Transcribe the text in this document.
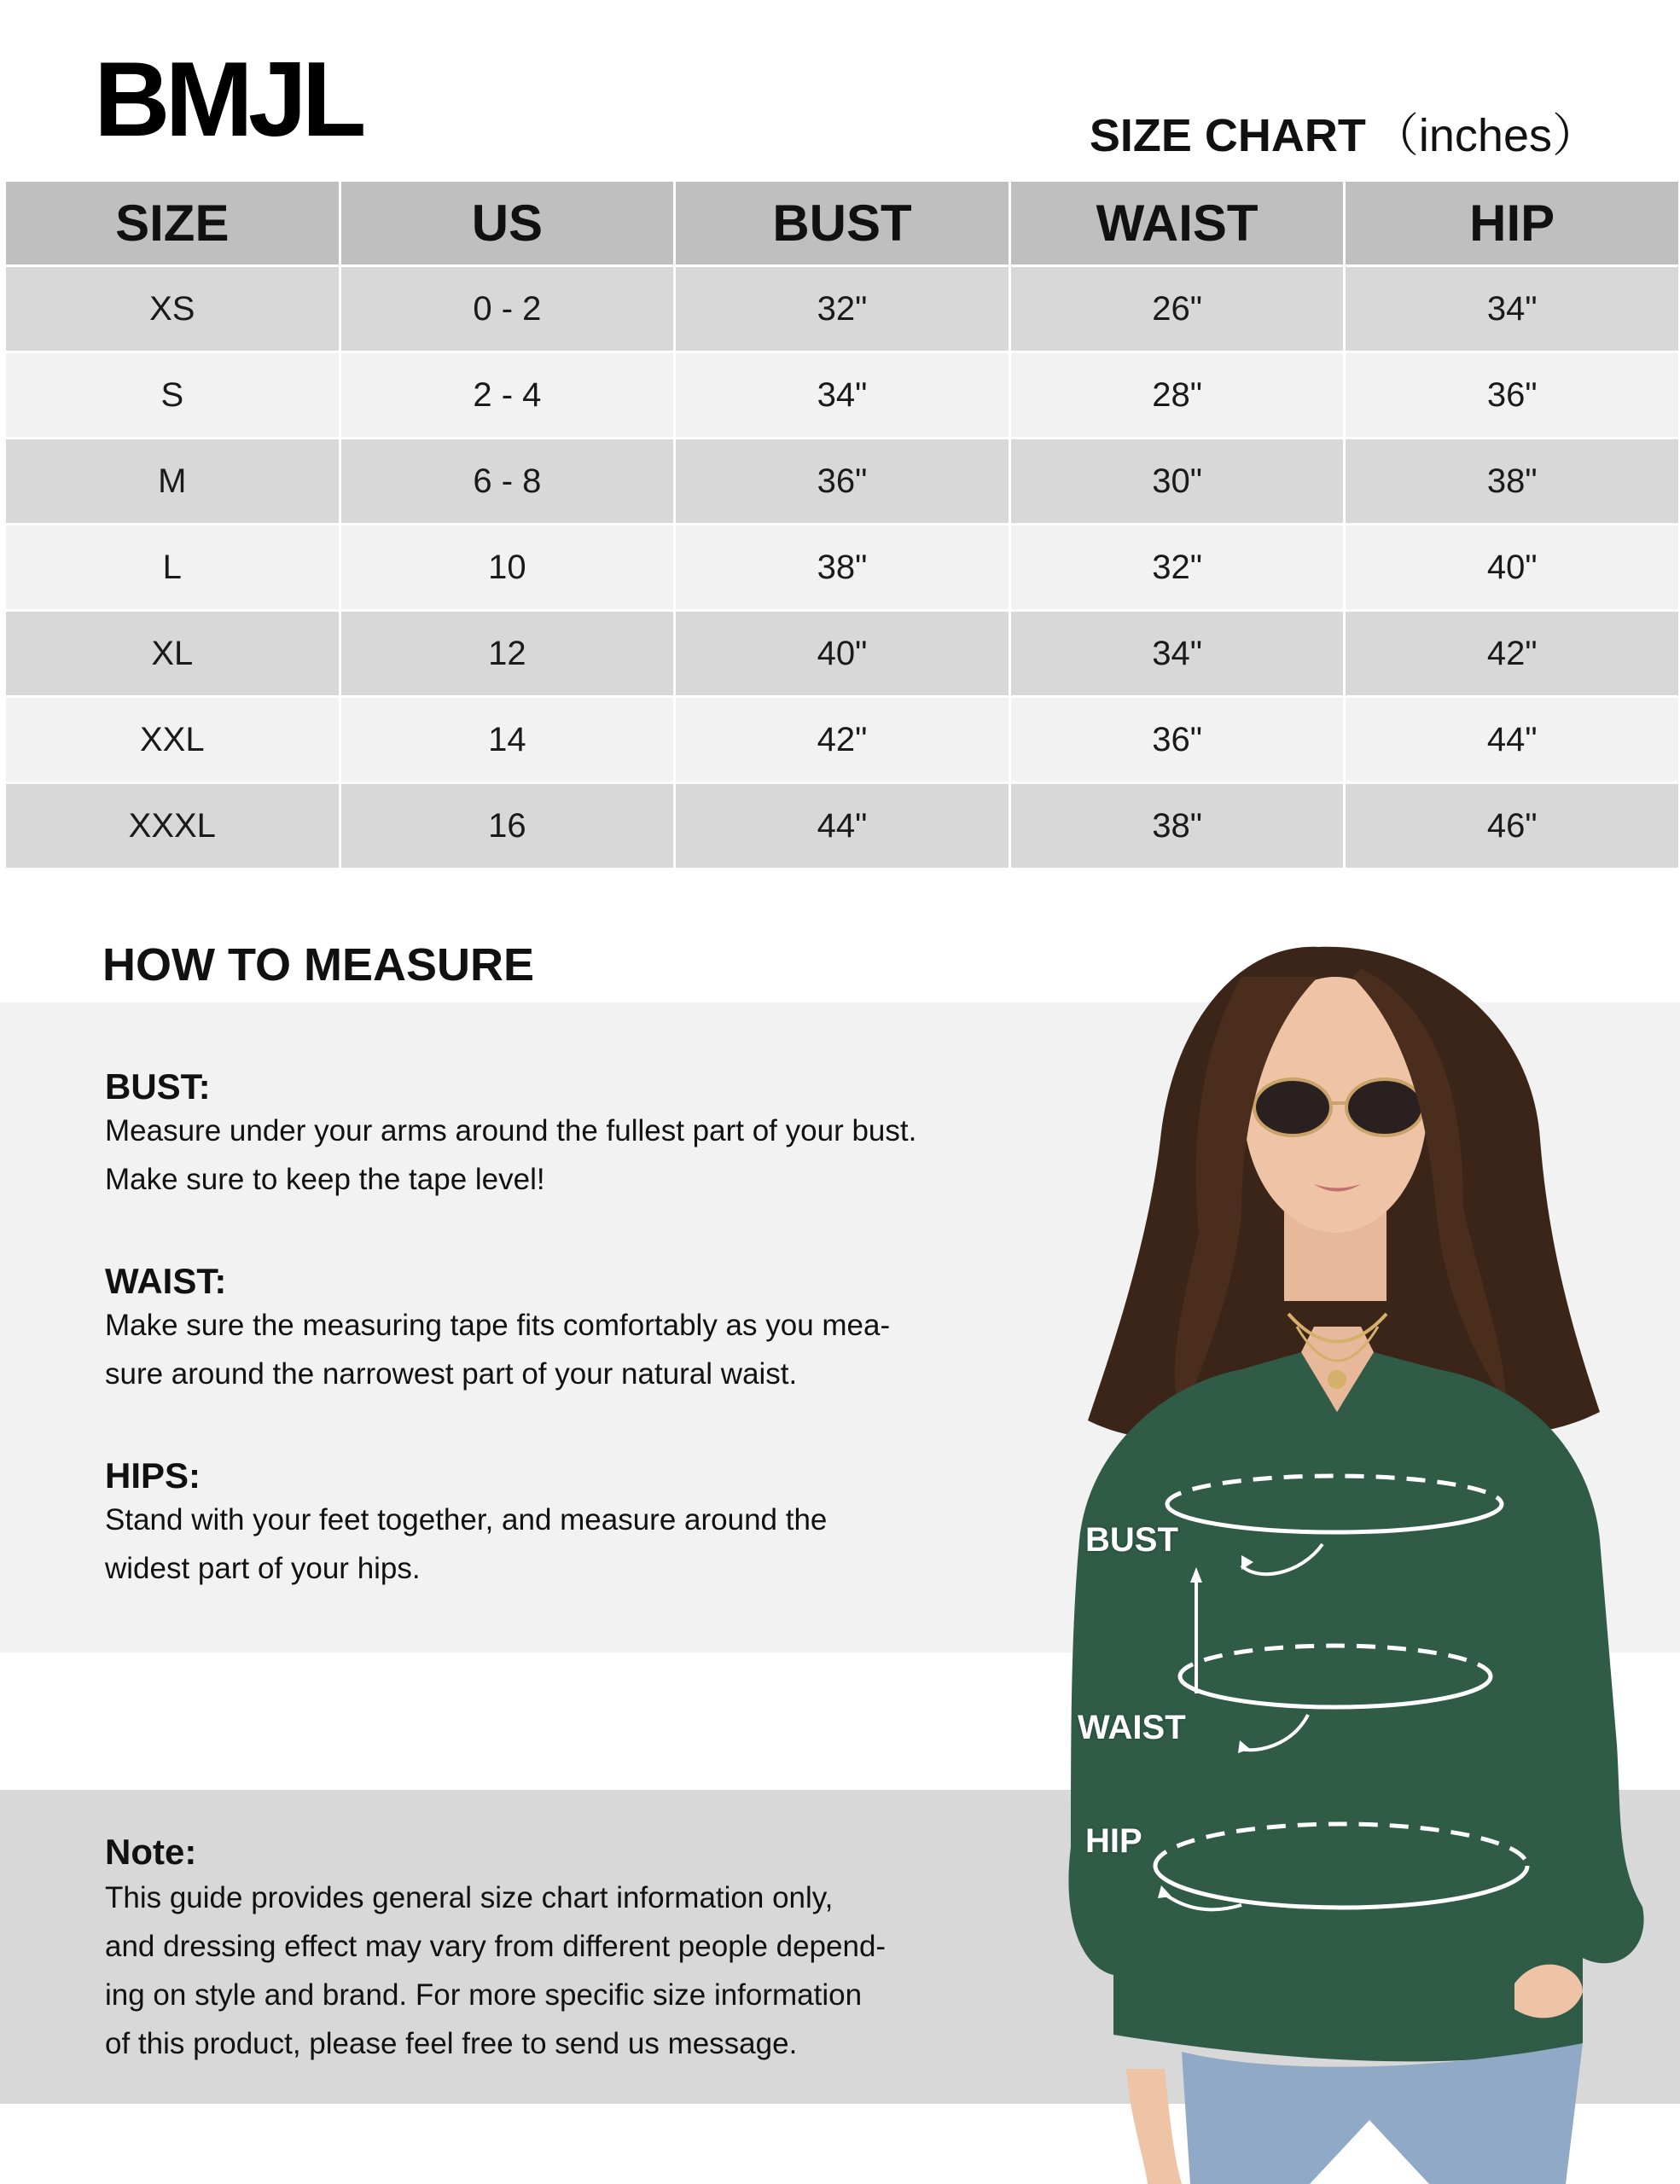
BMJL	SIZE CHART （inches）
SIZE	US	BUST	WAIST	HIP
XS	0 - 2	32"	26"	34"
S	2 - 4	34"	28"	36"
M	6 - 8	36"	30"	38"
L	10	38"	32"	40"
XL	12	40"	34"	42"
XXL	14	42"	36"	44"
XXXL	16	44"	38"	46"
HOW TO MEASURE
BUST:
Measure under your arms around the fullest part of your bust.
Make sure to keep the tape level!
WAIST:
Make sure the measuring tape fits comfortably as you mea-
sure around the narrowest part of your natural waist.
HIPS:
Stand with your feet together, and measure around the
widest part of your hips.
Note:
This guide provides general size chart information only,
and dressing effect may vary from different people depend-
ing on style and brand. For more specific size information
of this product, please feel free to send us message.
BUST
WAIST
HIP
